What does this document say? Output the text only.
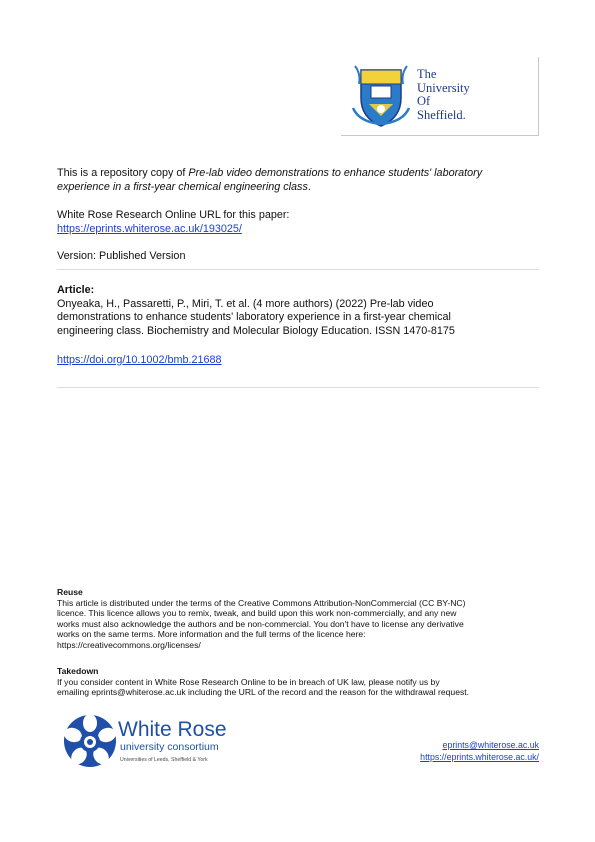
The
University
Of
Sheffield.
This is a repository copy of Pre-lab video demonstrations to enhance students' laboratory
experience in a first-year chemical engineering class.
White Rose Research Online URL for this paper:
https://eprints.whiterose.ac.uk/193025/
Version: Published Version
Article:
Onyeaka, H., Passaretti, P., Miri, T. et al. (4 more authors) (2022) Pre-lab video
demonstrations to enhance students' laboratory experience in a first-year chemical
engineering class. Biochemistry and Molecular Biology Education. ISSN 1470-8175
https://doi.org/10.1002/bmb.21688
Reuse
This article is distributed under the terms of the Creative Commons Attribution-NonCommercial (CC BY-NC)
licence. This licence allows you to remix, tweak, and build upon this work non-commercially, and any new
works must also acknowledge the authors and be non-commercial. You don't have to license any derivative
works on the same terms. More information and the full terms of the licence here:
https://creativecommons.org/licenses/
Takedown
If you consider content in White Rose Research Online to be in breach of UK law, please notify us by
emailing eprints@whiterose.ac.uk including the URL of the record and the reason for the withdrawal request.
White Rose
university consortium
Universities of Leeds, Sheffield & York
eprints@whiterose.ac.uk
https://eprints.whiterose.ac.uk/
